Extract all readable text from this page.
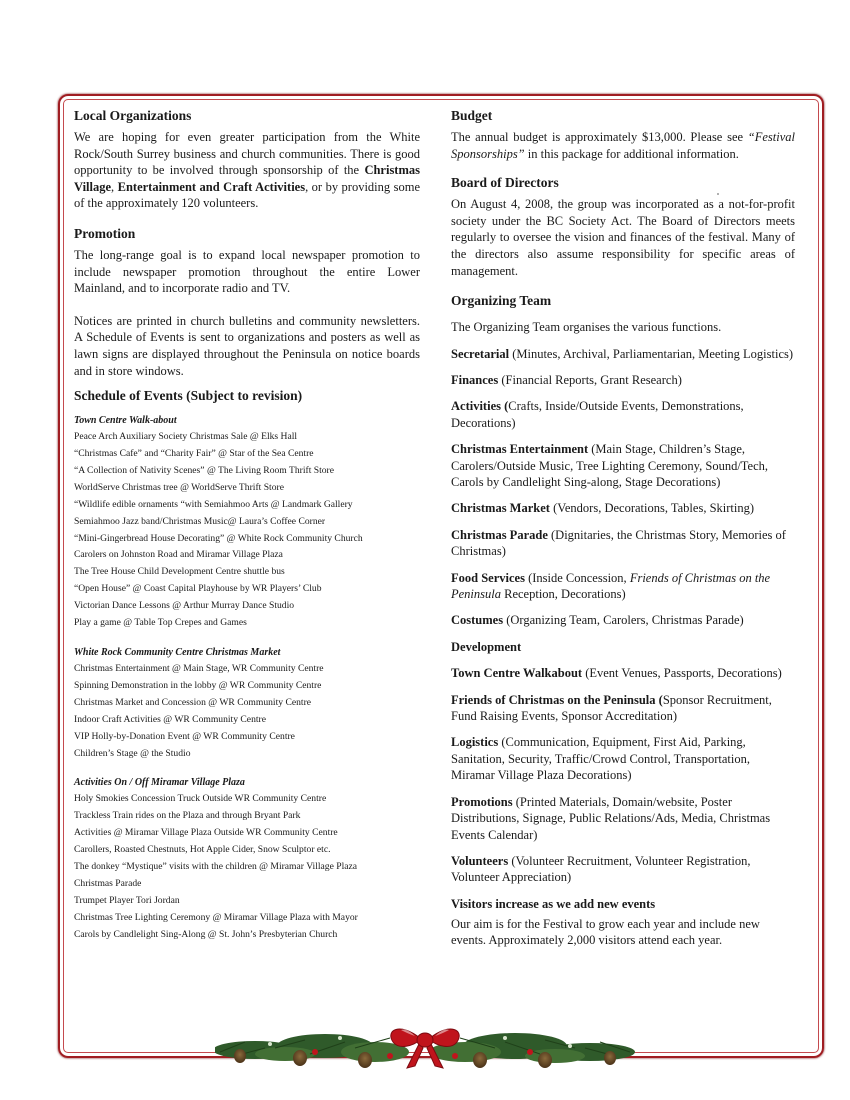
Local Organizations

We are hoping for even greater participation from the White Rock/South Surrey business and church communities. There is good opportunity to be involved through sponsorship of the Christmas Village, Entertainment and Craft Activities, or by providing some of the approximately 120 volunteers.

Promotion

The long-range goal is to expand local newspaper promotion to include newspaper promotion throughout the entire Lower Mainland, and to incorporate radio and TV.

Notices are printed in church bulletins and community newsletters. A Schedule of Events is sent to organizations and posters as well as lawn signs are displayed throughout the Peninsula on notice boards and in store windows.

Schedule of Events (Subject to revision)
Town Centre Walk-about
Peace Arch Auxiliary Society Christmas Sale @ Elks Hall
“Christmas Cafe” and “Charity Fair” @ Star of the Sea Centre
“A Collection of Nativity Scenes” @ The Living Room Thrift Store
WorldServe Christmas tree @ WorldServe Thrift Store
“Wildlife edible ornaments “with Semiahmoo Arts @ Landmark Gallery
Semiahmoo Jazz band/Christmas Music@ Laura’s Coffee Corner
“Mini-Gingerbread House Decorating” @ White Rock Community Church
Carolers on Johnston Road and Miramar Village Plaza
The Tree House Child Development Centre shuttle bus
“Open House” @ Coast Capital Playhouse by WR Players’ Club
Victorian Dance Lessons @ Arthur Murray Dance Studio
Play a game @ Table Top Crepes and Games
White Rock Community Centre Christmas Market
Christmas Entertainment @ Main Stage, WR Community Centre
Spinning Demonstration in the lobby @ WR Community Centre
Christmas Market and Concession @ WR Community Centre
Indoor Craft Activities @ WR Community Centre
VIP Holly-by-Donation Event @ WR Community Centre
Children’s Stage @ the Studio
Activities On / Off Miramar Village Plaza
Holy Smokies Concession Truck Outside WR Community Centre
Trackless Train rides on the Plaza and through Bryant Park
Activities @ Miramar Village Plaza Outside WR Community Centre
Carollers, Roasted Chestnuts, Hot Apple Cider, Snow Sculptor etc.
The donkey “Mystique” visits with the children @ Miramar Village Plaza
Christmas Parade
Trumpet Player Tori Jordan
Christmas Tree Lighting Ceremony @ Miramar Village Plaza with Mayor
Carols by Candlelight Sing-Along @ St. John’s Presbyterian Church
Budget

The annual budget is approximately $13,000. Please see “Festival Sponsorships” in this package for additional information.

Board of Directors

On August 4, 2008, the group was incorporated as a not-for-profit society under the BC Society Act. The Board of Directors meets regularly to oversee the vision and finances of the festival. Many of the directors also assume responsibility for specific areas of management.

Organizing Team
The Organizing Team organises the various functions.
Secretarial (Minutes, Archival, Parliamentarian, Meeting Logistics)
Finances (Financial Reports, Grant Research)
Activities (Crafts, Inside/Outside Events, Demonstrations, Decorations)
Christmas Entertainment (Main Stage, Children’s Stage, Carolers/Outside Music, Tree Lighting Ceremony, Sound/Tech, Carols by Candlelight Sing-along, Stage Decorations)
Christmas Market (Vendors, Decorations, Tables, Skirting)
Christmas Parade (Dignitaries, the Christmas Story, Memories of Christmas)
Food Services (Inside Concession, Friends of Christmas on the Peninsula Reception, Decorations)
Costumes (Organizing Team, Carolers, Christmas Parade)
Development
Town Centre Walkabout (Event Venues, Passports, Decorations)
Friends of Christmas on the Peninsula (Sponsor Recruitment, Fund Raising Events, Sponsor Accreditation)
Logistics (Communication, Equipment, First Aid, Parking, Sanitation, Security, Traffic/Crowd Control, Transportation, Miramar Village Plaza Decorations)
Promotions (Printed Materials, Domain/website, Poster Distributions, Signage, Public Relations/Ads, Media, Christmas Events Calendar)
Volunteers (Volunteer Recruitment, Volunteer Registration, Volunteer Appreciation)
Visitors increase as we add new events

Our aim is for the Festival to grow each year and include new events. Approximately 2,000 visitors attend each year.
